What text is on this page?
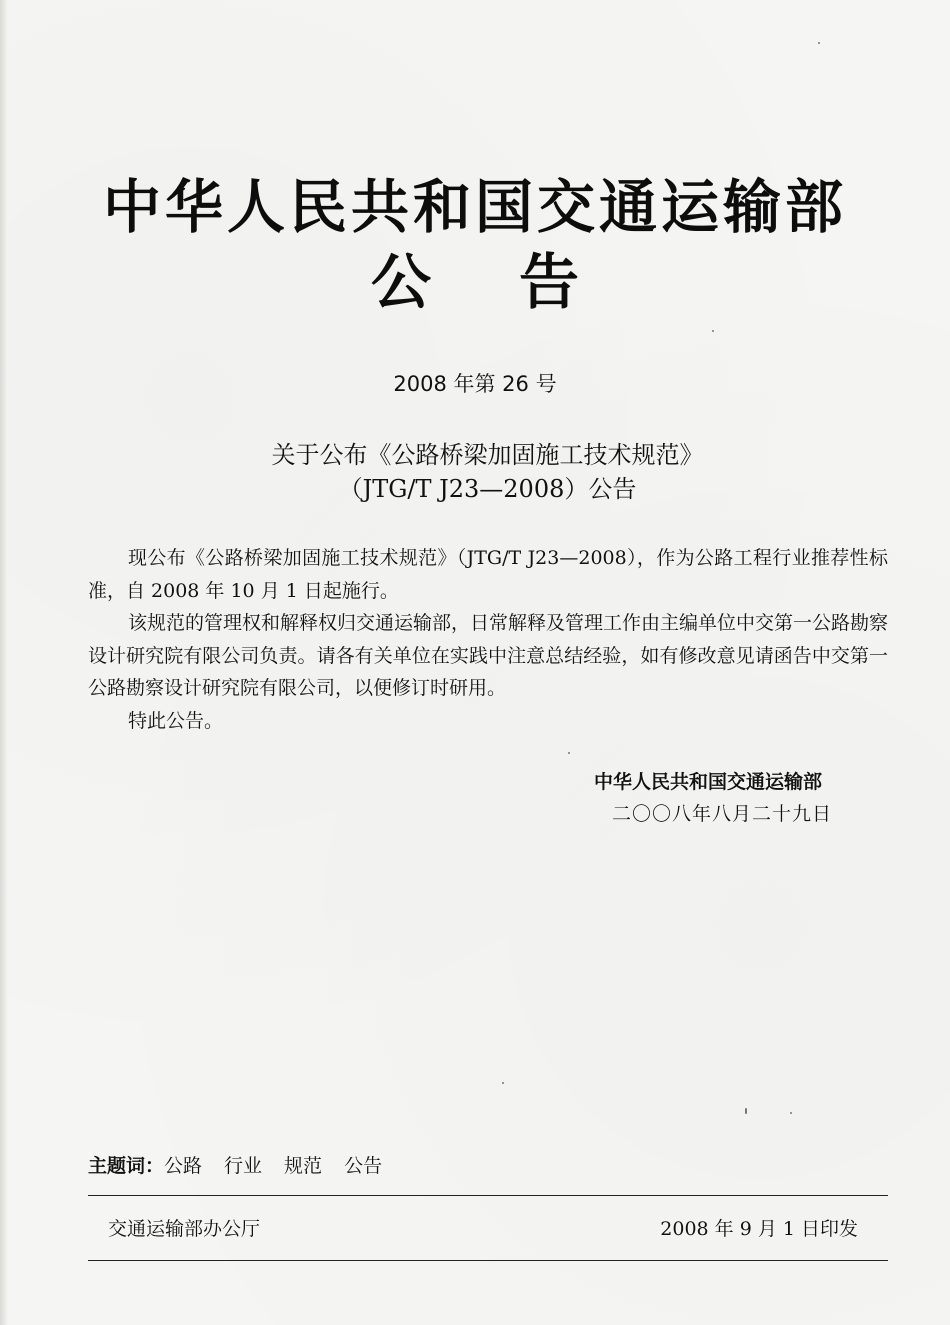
中华人民共和国交通运输部
公 告
2008 年第 26 号
关于公布《公路桥梁加固施工技术规范》
（JTG/T J23—2008）公告

现公布《公路桥梁加固施工技术规范》（JTG/T J23—2008），作为公路工程行业推荐性标准，自 2008 年 10 月 1 日起施行。

该规范的管理权和解释权归交通运输部，日常解释及管理工作由主编单位中交第一公路勘察设计研究院有限公司负责。请各有关单位在实践中注意总结经验，如有修改意见请函告中交第一公路勘察设计研究院有限公司，以便修订时研用。

特此公告。

中华人民共和国交通运输部
二〇〇八年八月二十九日
主题词：公路 行业 规范 公告
交通运输部办公厅	2008 年 9 月 1 日印发
